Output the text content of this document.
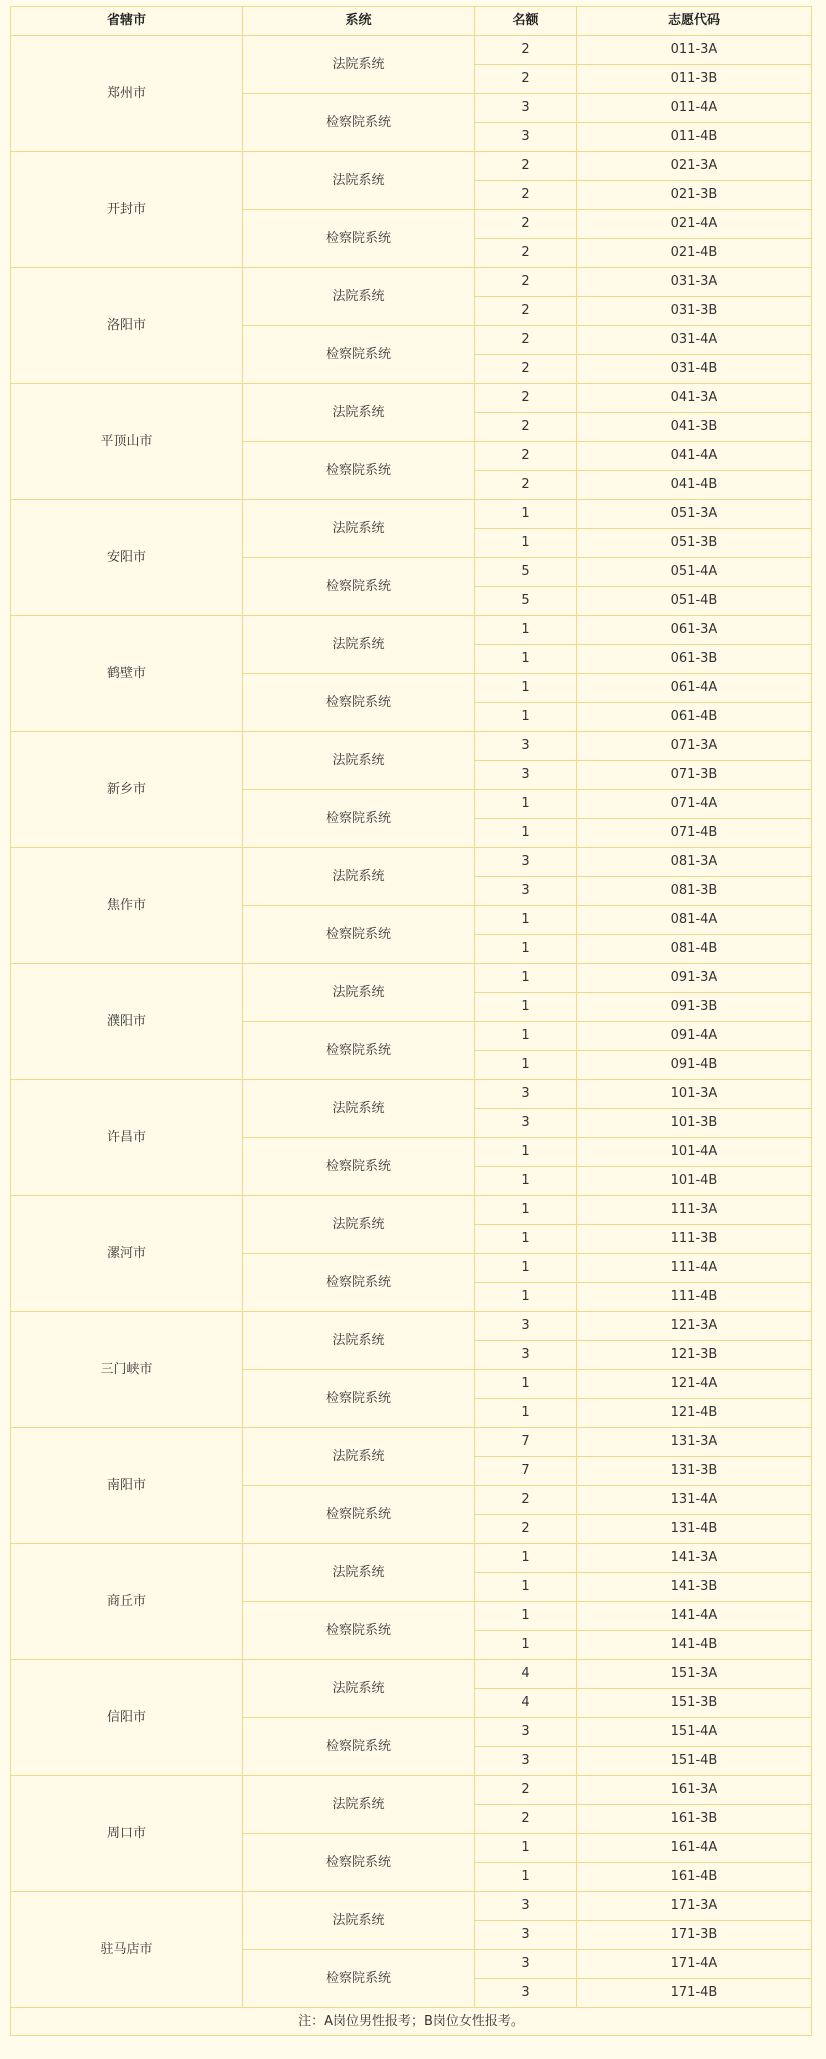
省辖市	系统	名额	志愿代码
郑州市	法院系统	2	011-3A
		2	011-3B
	检察院系统	3	011-4A
		3	011-4B
开封市	法院系统	2	021-3A
		2	021-3B
	检察院系统	2	021-4A
		2	021-4B
洛阳市	法院系统	2	031-3A
		2	031-3B
	检察院系统	2	031-4A
		2	031-4B
平顶山市	法院系统	2	041-3A
		2	041-3B
	检察院系统	2	041-4A
		2	041-4B
安阳市	法院系统	1	051-3A
		1	051-3B
	检察院系统	5	051-4A
		5	051-4B
鹤壁市	法院系统	1	061-3A
		1	061-3B
	检察院系统	1	061-4A
		1	061-4B
新乡市	法院系统	3	071-3A
		3	071-3B
	检察院系统	1	071-4A
		1	071-4B
焦作市	法院系统	3	081-3A
		3	081-3B
	检察院系统	1	081-4A
		1	081-4B
濮阳市	法院系统	1	091-3A
		1	091-3B
	检察院系统	1	091-4A
		1	091-4B
许昌市	法院系统	3	101-3A
		3	101-3B
	检察院系统	1	101-4A
		1	101-4B
漯河市	法院系统	1	111-3A
		1	111-3B
	检察院系统	1	111-4A
		1	111-4B
三门峡市	法院系统	3	121-3A
		3	121-3B
	检察院系统	1	121-4A
		1	121-4B
南阳市	法院系统	7	131-3A
		7	131-3B
	检察院系统	2	131-4A
		2	131-4B
商丘市	法院系统	1	141-3A
		1	141-3B
	检察院系统	1	141-4A
		1	141-4B
信阳市	法院系统	4	151-3A
		4	151-3B
	检察院系统	3	151-4A
		3	151-4B
周口市	法院系统	2	161-3A
		2	161-3B
	检察院系统	1	161-4A
		1	161-4B
驻马店市	法院系统	3	171-3A
		3	171-3B
	检察院系统	3	171-4A
		3	171-4B
注：A岗位男性报考；B岗位女性报考。			
